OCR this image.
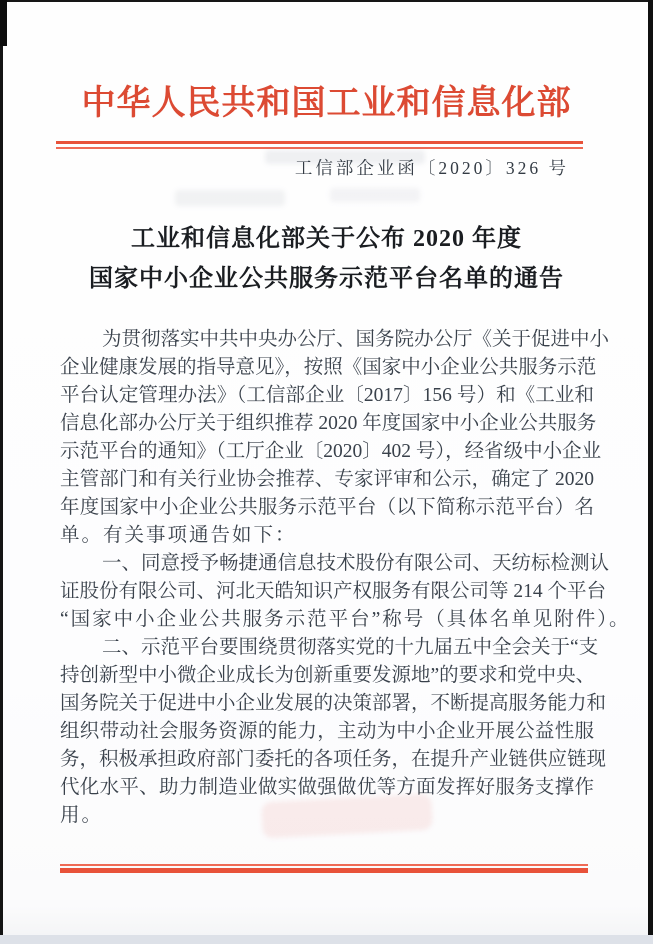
中华人民共和国工业和信息化部
工信部企业函〔2020〕326 号
工业和信息化部关于公布 2020 年度
国家中小企业公共服务示范平台名单的通告
为贯彻落实中共中央办公厅、国务院办公厅《关于促进中小
企业健康发展的指导意见》，按照《国家中小企业公共服务示范
平台认定管理办法》（工信部企业〔2017〕156 号）和《工业和
信息化部办公厅关于组织推荐 2020 年度国家中小企业公共服务
示范平台的通知》（工厅企业〔2020〕402 号），经省级中小企业
主管部门和有关行业协会推荐、专家评审和公示，确定了 2020
年度国家中小企业公共服务示范平台（以下简称示范平台）名
单。有关事项通告如下：
一、同意授予畅捷通信息技术股份有限公司、天纺标检测认
证股份有限公司、河北天皓知识产权服务有限公司等 214 个平台
“国家中小企业公共服务示范平台”称号（具体名单见附件）。
二、示范平台要围绕贯彻落实党的十九届五中全会关于“支
持创新型中小微企业成长为创新重要发源地”的要求和党中央、
国务院关于促进中小企业发展的决策部署，不断提高服务能力和
组织带动社会服务资源的能力，主动为中小企业开展公益性服
务，积极承担政府部门委托的各项任务，在提升产业链供应链现
代化水平、助力制造业做实做强做优等方面发挥好服务支撑作
用。
